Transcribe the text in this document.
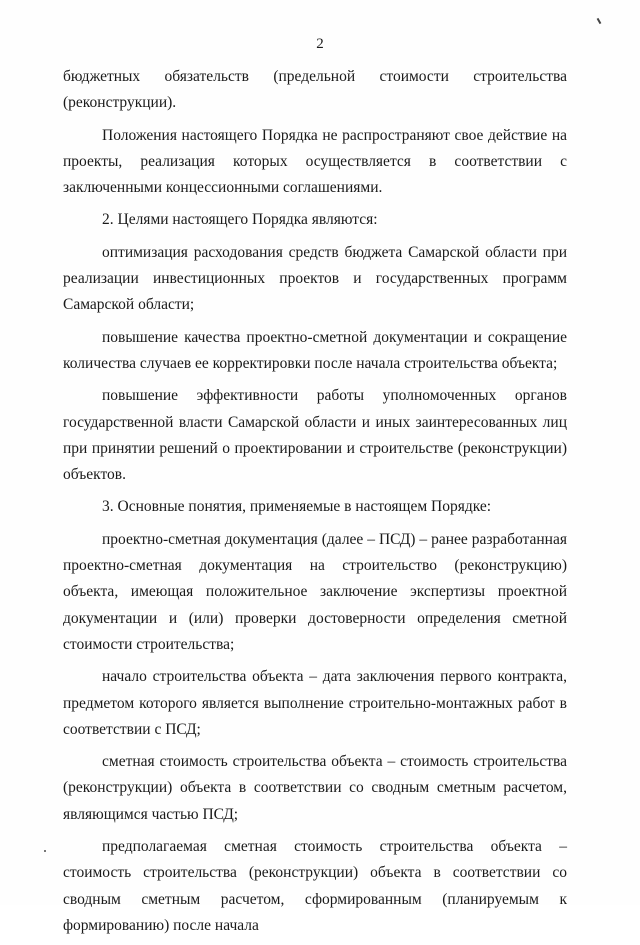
2

бюджетных обязательств (предельной стоимости строительства (реконструкции).

Положения настоящего Порядка не распространяют свое действие на проекты, реализация которых осуществляется в соответствии с заключенными концессионными соглашениями.

2. Целями настоящего Порядка являются:

оптимизация расходования средств бюджета Самарской области при реализации инвестиционных проектов и государственных программ Самарской области;

повышение качества проектно-сметной документации и сокращение количества случаев ее корректировки после начала строительства объекта;

повышение эффективности работы уполномоченных органов государственной власти Самарской области и иных заинтересованных лиц при принятии решений о проектировании и строительстве (реконструкции) объектов.

3. Основные понятия, применяемые в настоящем Порядке:

проектно-сметная документация (далее – ПСД) – ранее разработанная проектно-сметная документация на строительство (реконструкцию) объекта, имеющая положительное заключение экспертизы проектной документации и (или) проверки достоверности определения сметной стоимости строительства;

начало строительства объекта – дата заключения первого контракта, предметом которого является выполнение строительно-монтажных работ в соответствии с ПСД;

сметная стоимость строительства объекта – стоимость строительства (реконструкции) объекта в соответствии со сводным сметным расчетом, являющимся частью ПСД;

предполагаемая сметная стоимость строительства объекта – стоимость строительства (реконструкции) объекта в соответствии со сводным сметным расчетом, сформированным (планируемым к формированию) после начала
